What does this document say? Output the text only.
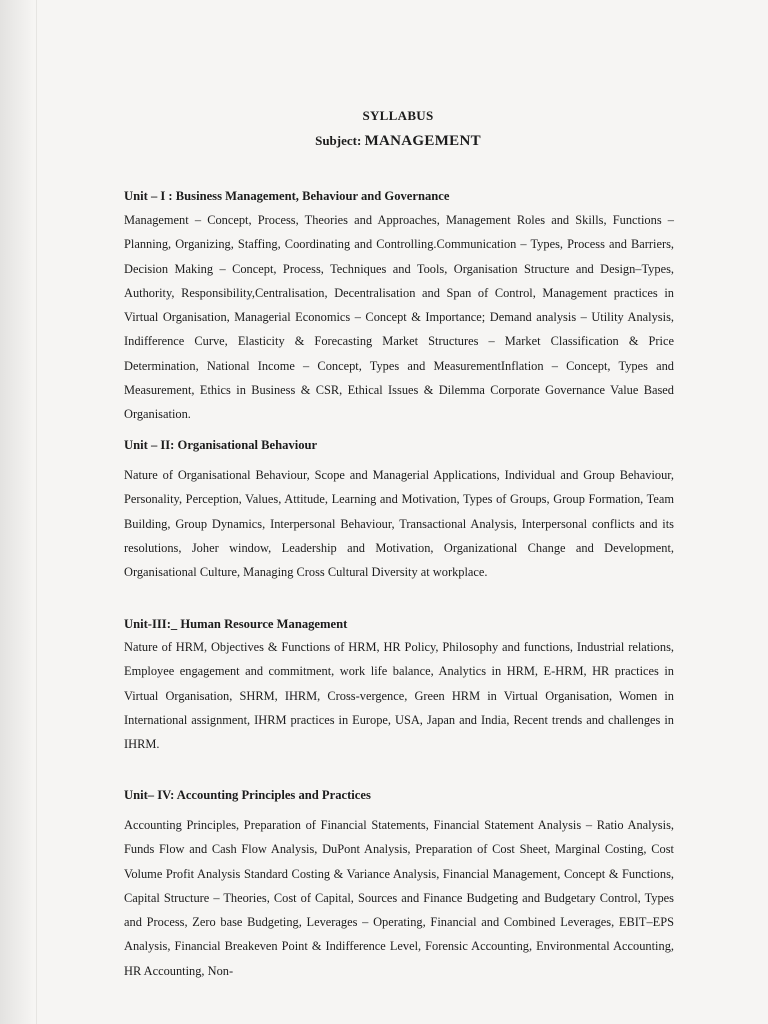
SYLLABUS
Subject: MANAGEMENT
Unit – I : Business Management, Behaviour and Governance

Management – Concept, Process, Theories and Approaches, Management Roles and Skills, Functions – Planning, Organizing, Staffing, Coordinating and Controlling.Communication – Types, Process and Barriers, Decision Making – Concept, Process, Techniques and Tools, Organisation Structure and Design–Types, Authority, Responsibility,Centralisation, Decentralisation and Span of Control, Management practices in Virtual Organisation, Managerial Economics – Concept & Importance; Demand analysis – Utility Analysis, Indifference Curve, Elasticity & Forecasting Market Structures – Market Classification & Price Determination, National Income – Concept, Types and MeasurementInflation – Concept, Types and Measurement, Ethics in Business & CSR, Ethical Issues & Dilemma Corporate Governance Value Based Organisation.

Unit – II: Organisational Behaviour

Nature of Organisational Behaviour, Scope and Managerial Applications, Individual and Group Behaviour, Personality, Perception, Values, Attitude, Learning and Motivation, Types of Groups, Group Formation, Team Building, Group Dynamics, Interpersonal Behaviour, Transactional Analysis, Interpersonal conflicts and its resolutions, Joher window, Leadership and Motivation, Organizational Change and Development, Organisational Culture, Managing Cross Cultural Diversity at workplace.

Unit-III:_ Human Resource Management

Nature of HRM, Objectives & Functions of HRM, HR Policy, Philosophy and functions, Industrial relations, Employee engagement and commitment, work life balance, Analytics in HRM, E-HRM, HR practices in Virtual Organisation, SHRM, IHRM, Cross-vergence, Green HRM in Virtual Organisation, Women in International assignment, IHRM practices in Europe, USA, Japan and India, Recent trends and challenges in IHRM.

Unit– IV: Accounting Principles and Practices

Accounting Principles, Preparation of Financial Statements, Financial Statement Analysis – Ratio Analysis, Funds Flow and Cash Flow Analysis, DuPont Analysis, Preparation of Cost Sheet, Marginal Costing, Cost Volume Profit Analysis Standard Costing & Variance Analysis, Financial Management, Concept & Functions, Capital Structure – Theories, Cost of Capital, Sources and Finance Budgeting and Budgetary Control, Types and Process, Zero base Budgeting, Leverages – Operating, Financial and Combined Leverages, EBIT–EPS Analysis, Financial Breakeven Point & Indifference Level, Forensic Accounting, Environmental Accounting, HR Accounting, Non-
